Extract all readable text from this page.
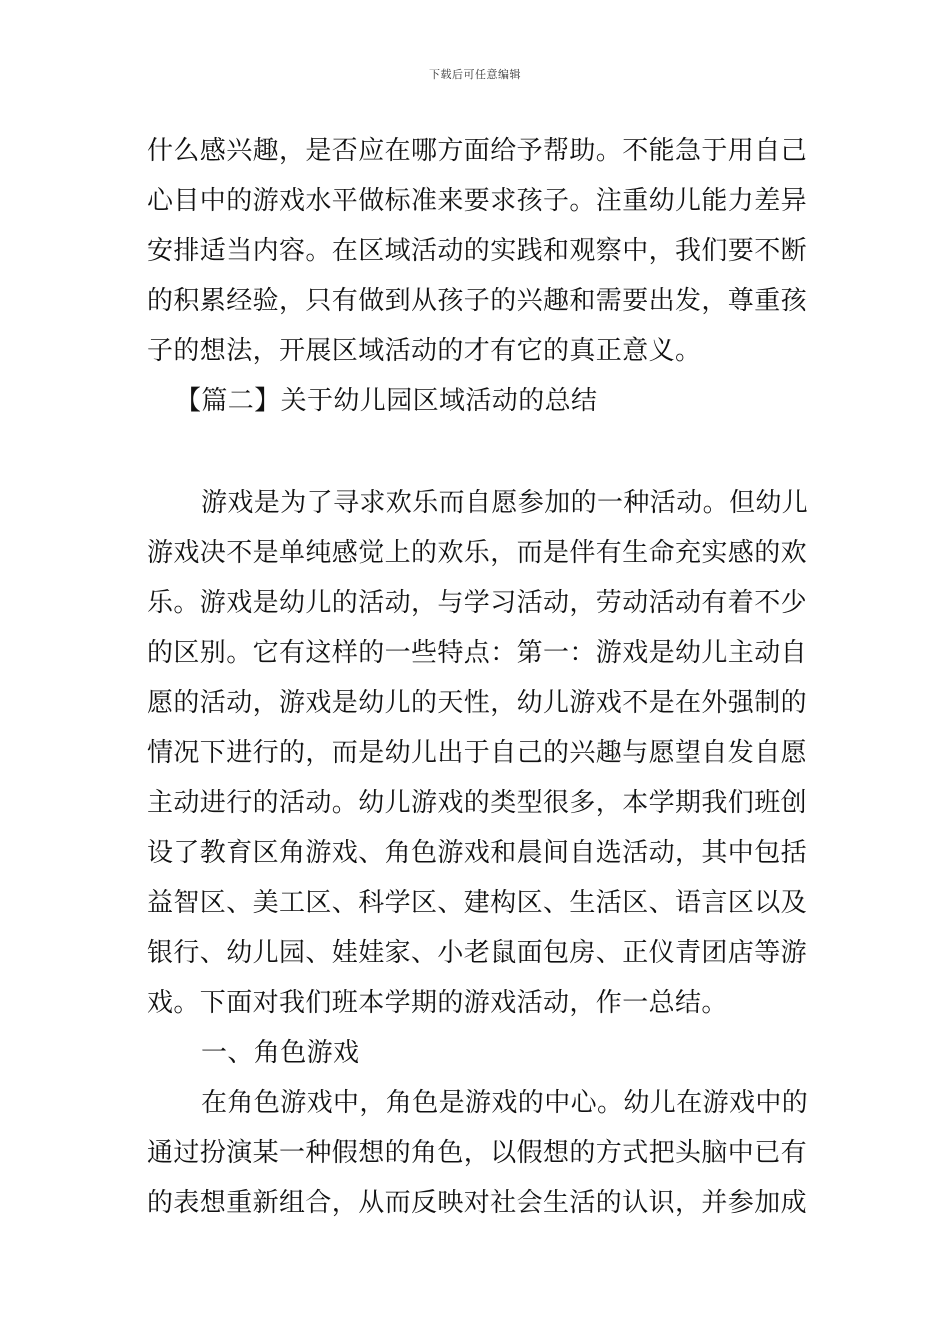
下载后可任意编辑
什么感兴趣，是否应在哪方面给予帮助。不能急于用自己
心目中的游戏水平做标准来要求孩子。注重幼儿能力差异
安排适当内容。在区域活动的实践和观察中，我们要不断
的积累经验，只有做到从孩子的兴趣和需要出发，尊重孩
子的想法，开展区域活动的才有它的真正意义。
【篇二】关于幼儿园区域活动的总结
游戏是为了寻求欢乐而自愿参加的一种活动。但幼儿
游戏决不是单纯感觉上的欢乐，而是伴有生命充实感的欢
乐。游戏是幼儿的活动，与学习活动，劳动活动有着不少
的区别。它有这样的一些特点：第一：游戏是幼儿主动自
愿的活动，游戏是幼儿的天性，幼儿游戏不是在外强制的
情况下进行的，而是幼儿出于自己的兴趣与愿望自发自愿
主动进行的活动。幼儿游戏的类型很多，本学期我们班创
设了教育区角游戏、角色游戏和晨间自选活动，其中包括
益智区、美工区、科学区、建构区、生活区、语言区以及
银行、幼儿园、娃娃家、小老鼠面包房、正仪青团店等游
戏。下面对我们班本学期的游戏活动，作一总结。
一、角色游戏
在角色游戏中，角色是游戏的中心。幼儿在游戏中的
通过扮演某一种假想的角色，以假想的方式把头脑中已有
的表想重新组合，从而反映对社会生活的认识，并参加成
